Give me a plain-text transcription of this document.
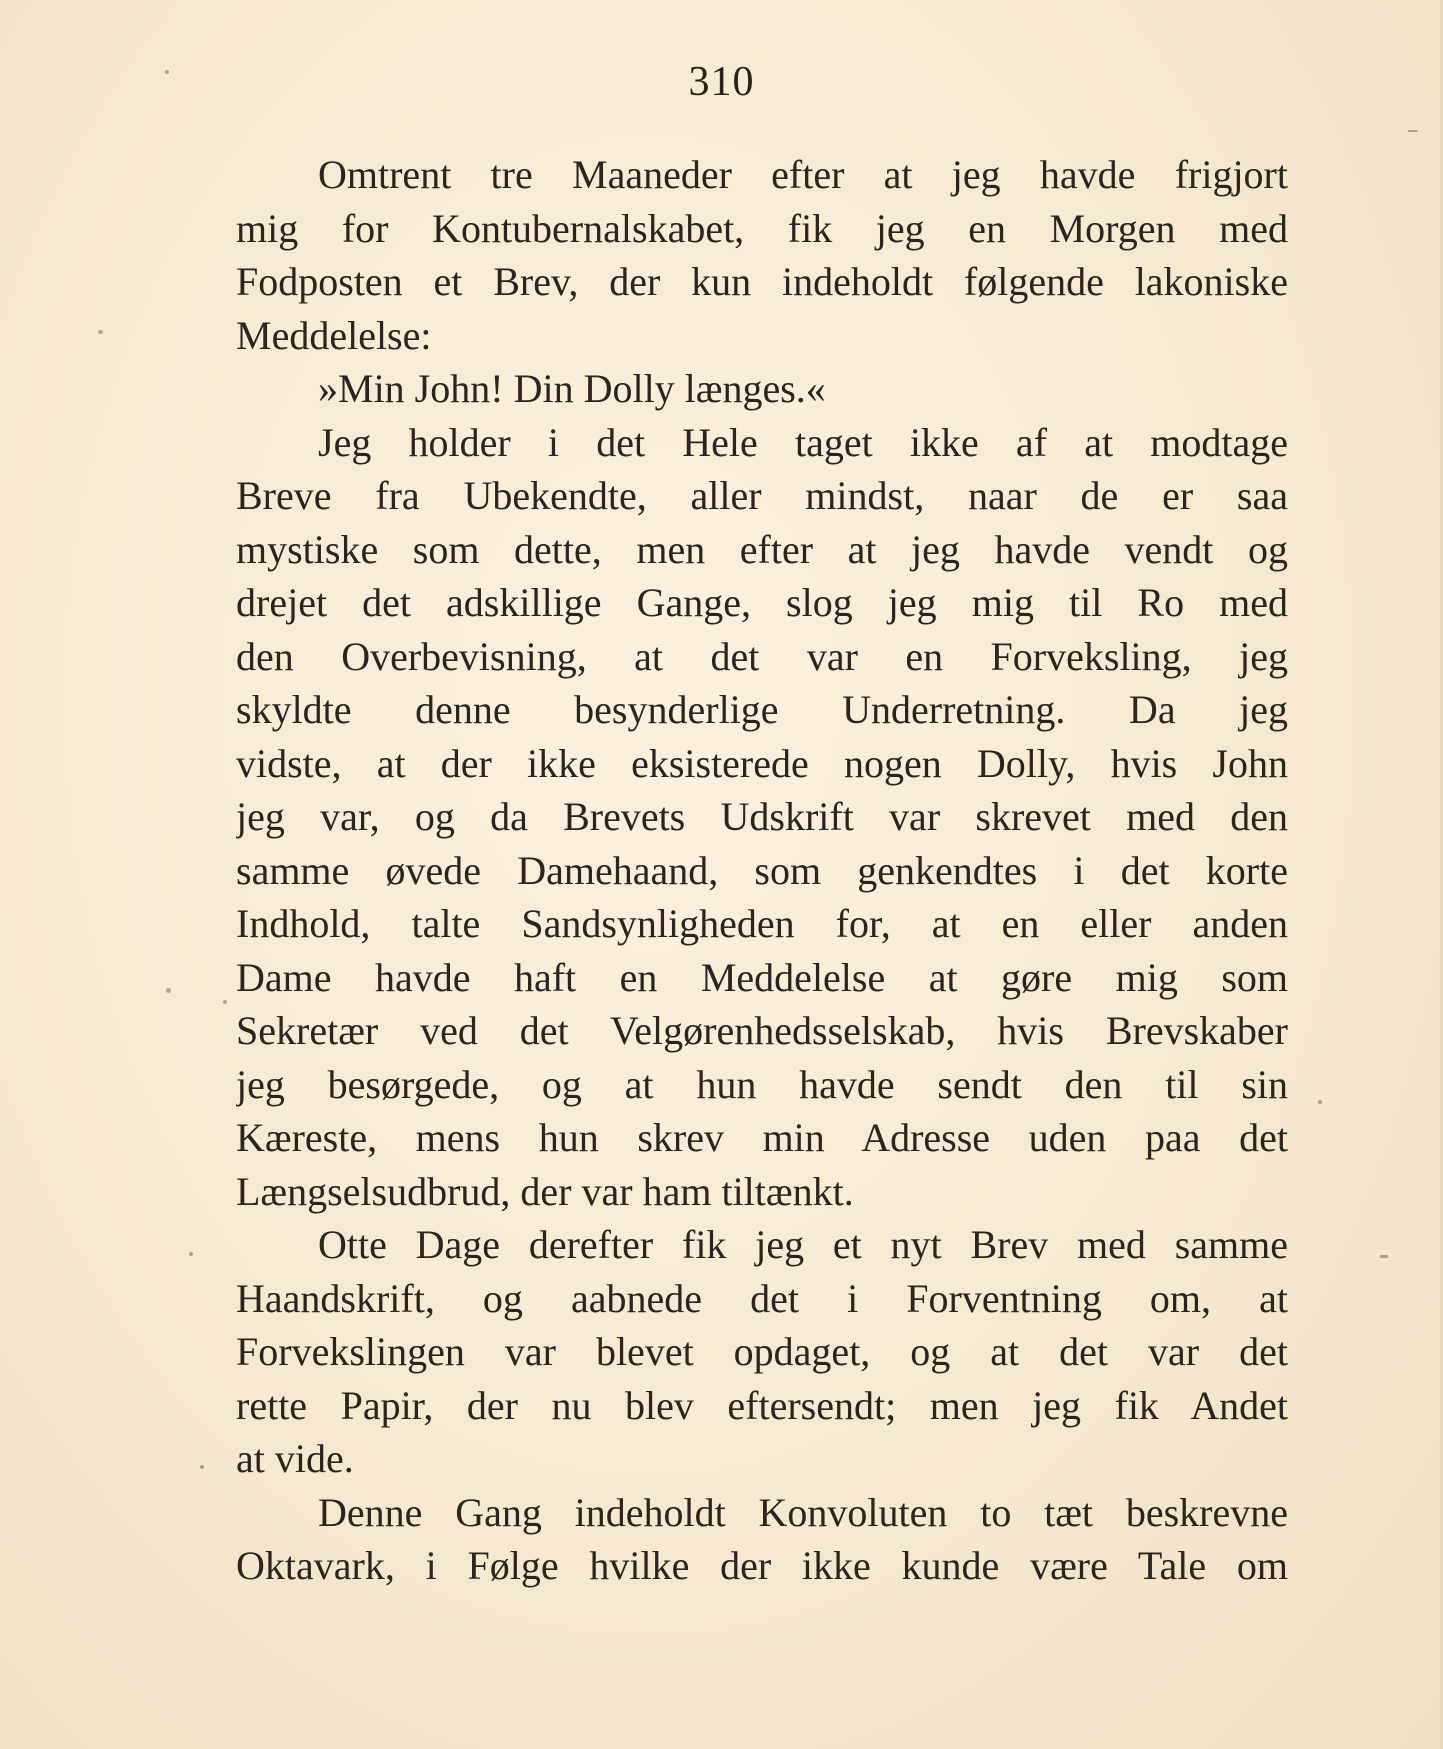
310
Omtrent tre Maaneder efter at jeg havde frigjort
mig for Kontubernalskabet, fik jeg en Morgen med
Fodposten et Brev, der kun indeholdt følgende lakoniske
Meddelelse:
»Min John! Din Dolly længes.«
Jeg holder i det Hele taget ikke af at modtage
Breve fra Ubekendte, aller mindst, naar de er saa
mystiske som dette, men efter at jeg havde vendt og
drejet det adskillige Gange, slog jeg mig til Ro med
den Overbevisning, at det var en Forveksling, jeg
skyldte denne besynderlige Underretning. Da jeg
vidste, at der ikke eksisterede nogen Dolly, hvis John
jeg var, og da Brevets Udskrift var skrevet med den
samme øvede Damehaand, som genkendtes i det korte
Indhold, talte Sandsynligheden for, at en eller anden
Dame havde haft en Meddelelse at gøre mig som
Sekretær ved det Velgørenhedsselskab, hvis Brevskaber
jeg besørgede, og at hun havde sendt den til sin
Kæreste, mens hun skrev min Adresse uden paa det
Længselsudbrud, der var ham tiltænkt.
Otte Dage derefter fik jeg et nyt Brev med samme
Haandskrift, og aabnede det i Forventning om, at
Forvekslingen var blevet opdaget, og at det var det
rette Papir, der nu blev eftersendt; men jeg fik Andet
at vide.
Denne Gang indeholdt Konvoluten to tæt beskrevne
Oktavark, i Følge hvilke der ikke kunde være Tale om
